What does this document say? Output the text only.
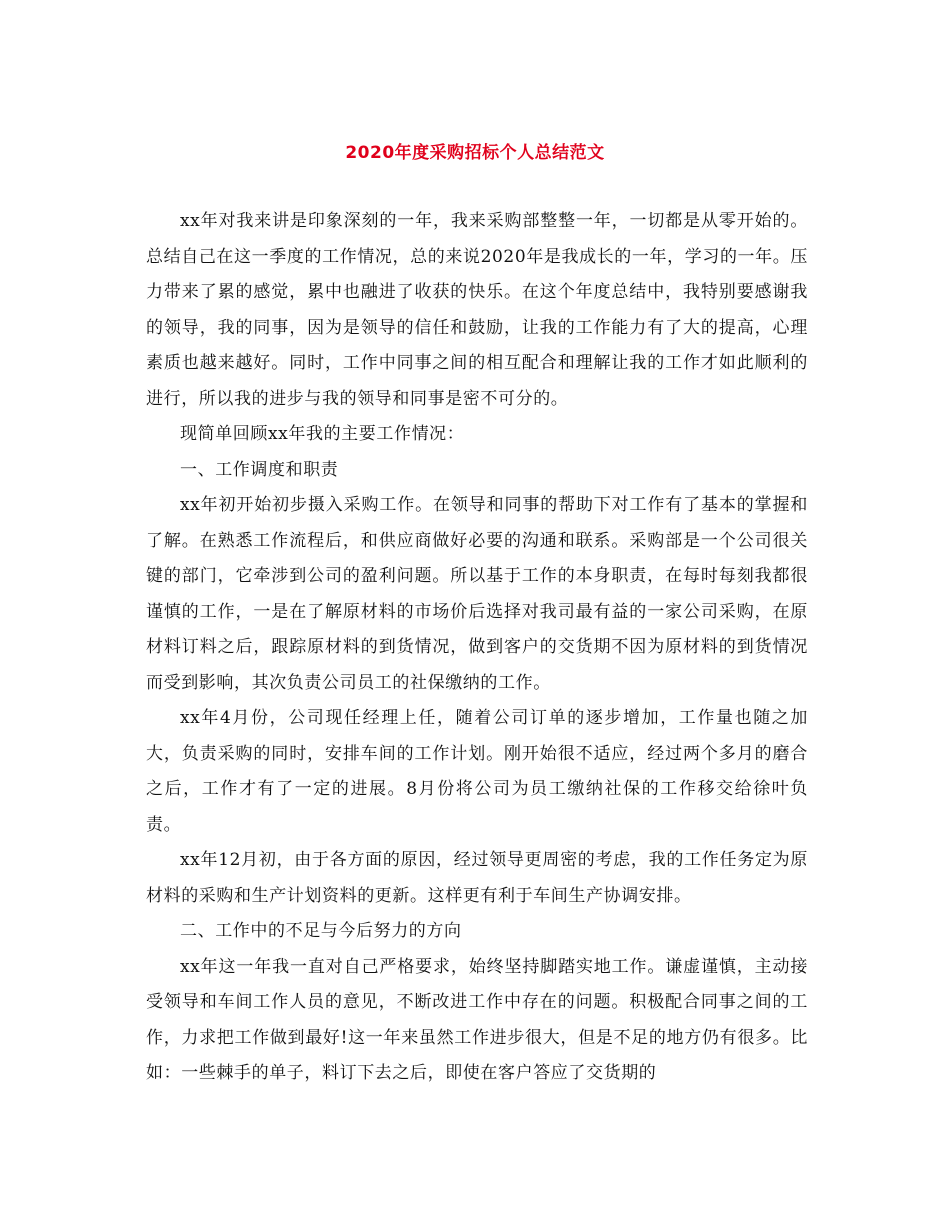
2020年度采购招标个人总结范文

xx年对我来讲是印象深刻的一年，我来采购部整整一年，一切都是从零开始的。总结自己在这一季度的工作情况，总的来说2020年是我成长的一年，学习的一年。压力带来了累的感觉，累中也融进了收获的快乐。在这个年度总结中，我特别要感谢我的领导，我的同事，因为是领导的信任和鼓励，让我的工作能力有了大的提高，心理素质也越来越好。同时，工作中同事之间的相互配合和理解让我的工作才如此顺利的进行，所以我的进步与我的领导和同事是密不可分的。

现简单回顾xx年我的主要工作情况：

一、工作调度和职责

xx年初开始初步摄入采购工作。在领导和同事的帮助下对工作有了基本的掌握和了解。在熟悉工作流程后，和供应商做好必要的沟通和联系。采购部是一个公司很关键的部门，它牵涉到公司的盈利问题。所以基于工作的本身职责，在每时每刻我都很谨慎的工作，一是在了解原材料的市场价后选择对我司最有益的一家公司采购，在原材料订料之后，跟踪原材料的到货情况，做到客户的交货期不因为原材料的到货情况而受到影响，其次负责公司员工的社保缴纳的工作。

xx年4月份，公司现任经理上任，随着公司订单的逐步增加，工作量也随之加大，负责采购的同时，安排车间的工作计划。刚开始很不适应，经过两个多月的磨合之后，工作才有了一定的进展。8月份将公司为员工缴纳社保的工作移交给徐叶负责。

xx年12月初，由于各方面的原因，经过领导更周密的考虑，我的工作任务定为原材料的采购和生产计划资料的更新。这样更有利于车间生产协调安排。

二、工作中的不足与今后努力的方向

xx年这一年我一直对自己严格要求，始终坚持脚踏实地工作。谦虚谨慎，主动接受领导和车间工作人员的意见，不断改进工作中存在的问题。积极配合同事之间的工作，力求把工作做到最好!这一年来虽然工作进步很大，但是不足的地方仍有很多。比如：一些棘手的单子，料订下去之后，即使在客户答应了交货期的
